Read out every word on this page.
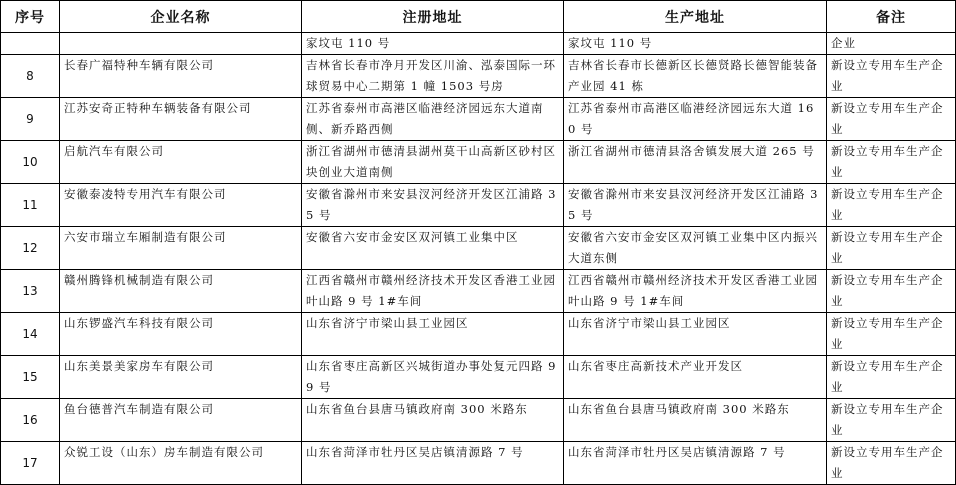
序号	企业名称	注册地址	生产地址	备注
		家坟屯 110 号	家坟屯 110 号	企业
8	长春广福特种车辆有限公司	吉林省长春市净月开发区川渝、泓泰国际一环球贸易中心二期第 1 幢 1503 号房	吉林省长春市长德新区长德贤路长德智能装备产业园 41 栋	新设立专用车生产企业
9	江苏安奇正特种车辆装备有限公司	江苏省泰州市高港区临港经济园远东大道南侧、新乔路西侧	江苏省泰州市高港区临港经济园远东大道 160 号	新设立专用车生产企业
10	启航汽车有限公司	浙江省湖州市德清县湖州莫干山高新区砂村区块创业大道南侧	浙江省湖州市德清县洛舍镇发展大道 265 号	新设立专用车生产企业
11	安徽泰凌特专用汽车有限公司	安徽省滁州市来安县汊河经济开发区江浦路 35 号	安徽省滁州市来安县汊河经济开发区江浦路 35 号	新设立专用车生产企业
12	六安市瑞立车厢制造有限公司	安徽省六安市金安区双河镇工业集中区	安徽省六安市金安区双河镇工业集中区内振兴大道东侧	新设立专用车生产企业
13	赣州腾锋机械制造有限公司	江西省赣州市赣州经济技术开发区香港工业园叶山路 9 号 1#车间	江西省赣州市赣州经济技术开发区香港工业园叶山路 9 号 1#车间	新设立专用车生产企业
14	山东锣盛汽车科技有限公司	山东省济宁市梁山县工业园区	山东省济宁市梁山县工业园区	新设立专用车生产企业
15	山东美景美家房车有限公司	山东省枣庄高新区兴城街道办事处复元四路 99 号	山东省枣庄高新技术产业开发区	新设立专用车生产企业
16	鱼台德普汽车制造有限公司	山东省鱼台县唐马镇政府南 300 米路东	山东省鱼台县唐马镇政府南 300 米路东	新设立专用车生产企业
17	众锐工设（山东）房车制造有限公司	山东省菏泽市牡丹区吴店镇清源路 7 号	山东省菏泽市牡丹区吴店镇清源路 7 号	新设立专用车生产企业
